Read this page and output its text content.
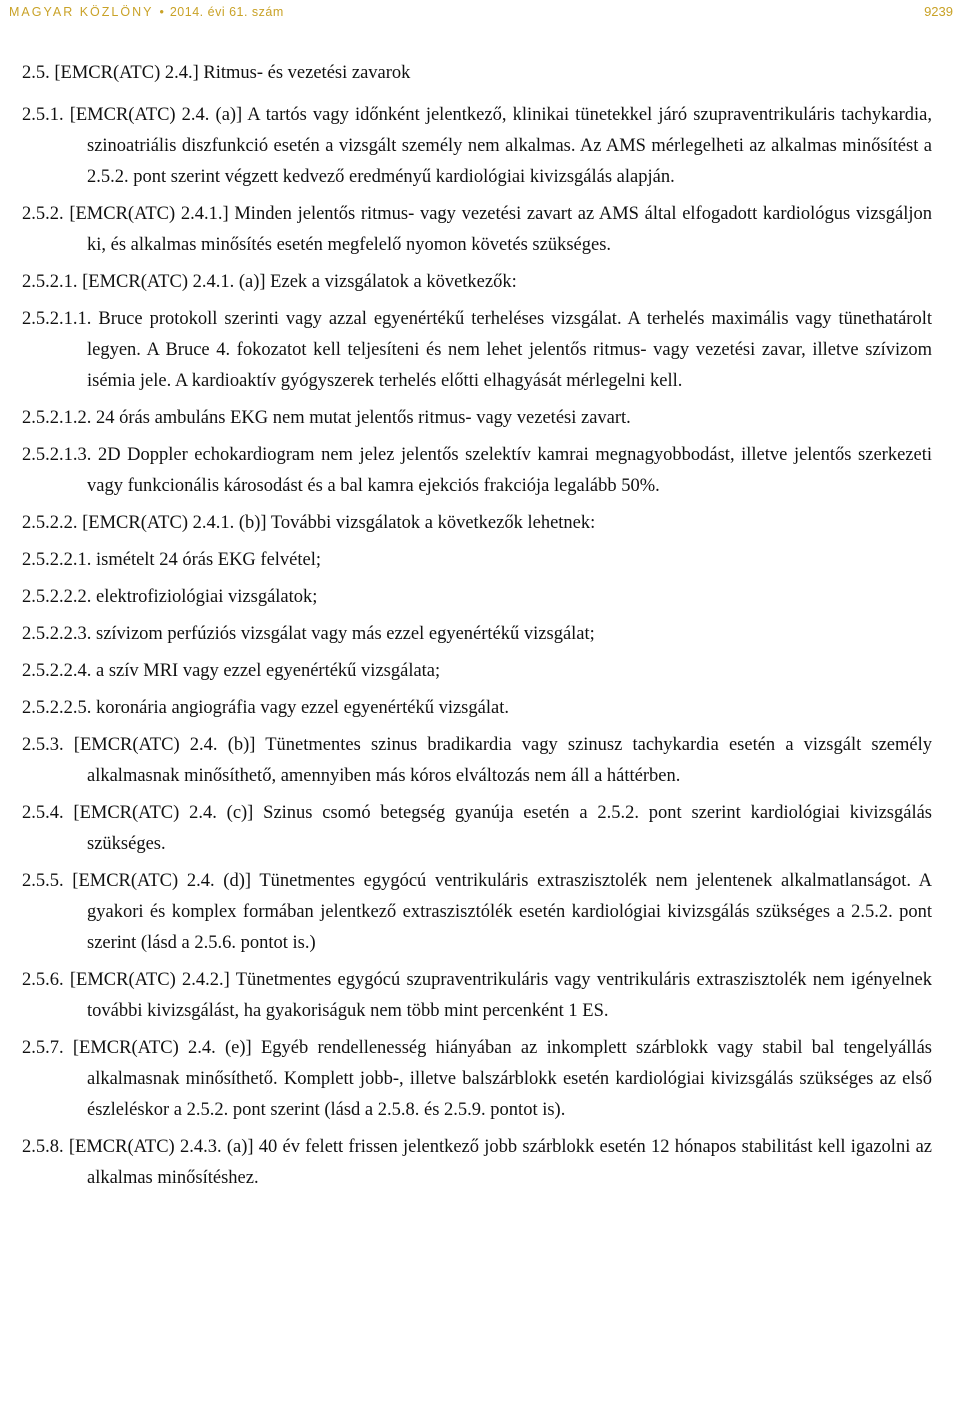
MAGYAR KÖZLÖNY • 2014. évi 61. szám	9239

2.5. [EMCR(ATC) 2.4.] Ritmus- és vezetési zavarok

2.5.1. [EMCR(ATC) 2.4. (a)] A tartós vagy időnként jelentkező, klinikai tünetekkel járó szupraventrikuláris tachykardia, szinoatriális diszfunkció esetén a vizsgált személy nem alkalmas. Az AMS mérlegelheti az alkalmas minősítést a 2.5.2. pont szerint végzett kedvező eredményű kardiológiai kivizsgálás alapján.

2.5.2. [EMCR(ATC) 2.4.1.] Minden jelentős ritmus- vagy vezetési zavart az AMS által elfogadott kardiológus vizsgáljon ki, és alkalmas minősítés esetén megfelelő nyomon követés szükséges.

2.5.2.1. [EMCR(ATC) 2.4.1. (a)] Ezek a vizsgálatok a következők:

2.5.2.1.1. Bruce protokoll szerinti vagy azzal egyenértékű terheléses vizsgálat. A terhelés maximális vagy tünethatárolt legyen. A Bruce 4. fokozatot kell teljesíteni és nem lehet jelentős ritmus- vagy vezetési zavar, illetve szívizom isémia jele. A kardioaktív gyógyszerek terhelés előtti elhagyását mérlegelni kell.

2.5.2.1.2. 24 órás ambuláns EKG nem mutat jelentős ritmus- vagy vezetési zavart.

2.5.2.1.3. 2D Doppler echokardiogram nem jelez jelentős szelektív kamrai megnagyobbodást, illetve jelentős szerkezeti vagy funkcionális károsodást és a bal kamra ejekciós frakciója legalább 50%.

2.5.2.2. [EMCR(ATC) 2.4.1. (b)] További vizsgálatok a következők lehetnek:

2.5.2.2.1. ismételt 24 órás EKG felvétel;

2.5.2.2.2. elektrofiziológiai vizsgálatok;

2.5.2.2.3. szívizom perfúziós vizsgálat vagy más ezzel egyenértékű vizsgálat;

2.5.2.2.4. a szív MRI vagy ezzel egyenértékű vizsgálata;

2.5.2.2.5. koronária angiográfia vagy ezzel egyenértékű vizsgálat.

2.5.3. [EMCR(ATC) 2.4. (b)] Tünetmentes szinus bradikardia vagy szinusz tachykardia esetén a vizsgált személy alkalmasnak minősíthető, amennyiben más kóros elváltozás nem áll a háttérben.

2.5.4. [EMCR(ATC) 2.4. (c)] Szinus csomó betegség gyanúja esetén a 2.5.2. pont szerint kardiológiai kivizsgálás szükséges.

2.5.5. [EMCR(ATC) 2.4. (d)] Tünetmentes egygócú ventrikuláris extraszisztolék nem jelentenek alkalmatlanságot. A gyakori és komplex formában jelentkező extraszisztólék esetén kardiológiai kivizsgálás szükséges a 2.5.2. pont szerint (lásd a 2.5.6. pontot is.)

2.5.6. [EMCR(ATC) 2.4.2.] Tünetmentes egygócú szupraventrikuláris vagy ventrikuláris extraszisztolék nem igényelnek további kivizsgálást, ha gyakoriságuk nem több mint percenként 1 ES.

2.5.7. [EMCR(ATC) 2.4. (e)] Egyéb rendellenesség hiányában az inkomplett szárblokk vagy stabil bal tengelyállás alkalmasnak minősíthető. Komplett jobb-, illetve balszárblokk esetén kardiológiai kivizsgálás szükséges az első észleléskor a 2.5.2. pont szerint (lásd a 2.5.8. és 2.5.9. pontot is).

2.5.8. [EMCR(ATC) 2.4.3. (a)] 40 év felett frissen jelentkező jobb szárblokk esetén 12 hónapos stabilitást kell igazolni az alkalmas minősítéshez.
